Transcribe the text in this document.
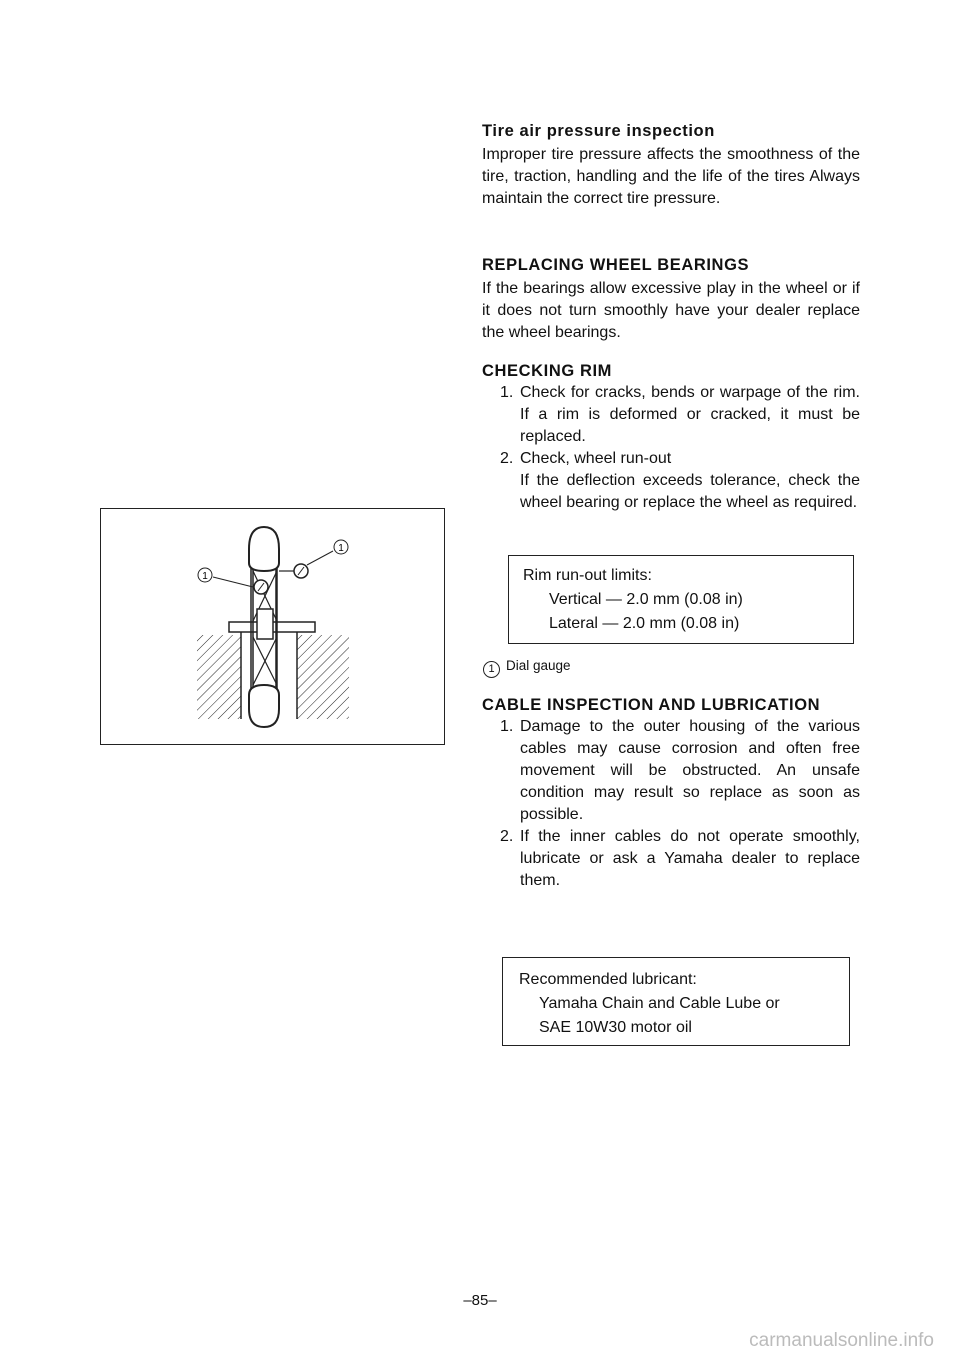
1
1
Tire air pressure inspection

Improper tire pressure affects the smoothness of the tire, traction, handling and the life of the tires Always maintain the correct tire pressure.

REPLACING WHEEL BEARINGS

If the bearings allow excessive play in the wheel or if it does not turn smoothly have your dealer replace the wheel bearings.

CHECKING RIM
1. Check for cracks, bends or warpage of the rim. If a rim is deformed or cracked, it must be replaced.
2. Check, wheel run-out
If the deflection exceeds tolerance, check the wheel bearing or replace the wheel as required.

Rim run-out limits:

Vertical — 2.0 mm (0.08 in)

Lateral — 2.0 mm (0.08 in)

1 Dial gauge
CABLE INSPECTION AND LUBRICATION
1. Damage to the outer housing of the various cables may cause corrosion and often free movement will be obstructed. An unsafe condition may result so replace as soon as possible.
2. If the inner cables do not operate smoothly, lubricate or ask a Yamaha dealer to replace them.

Recommended lubricant:

Yamaha Chain and Cable Lube or

SAE 10W30 motor oil

–85–
carmanualsonline.info
